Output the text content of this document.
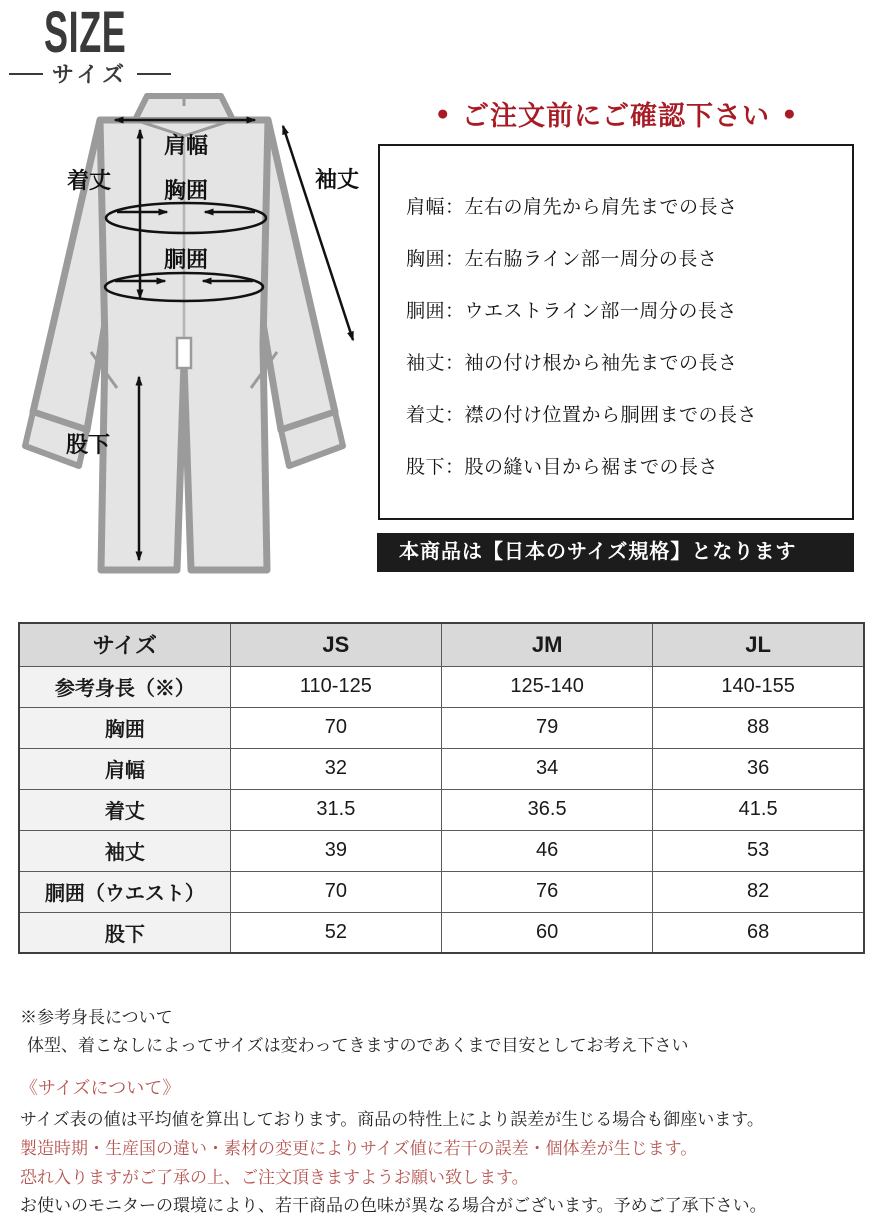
SIZE
サイズ
肩幅
着丈	袖丈
胸囲
胴囲
股下
● ご注文前にご確認下さい ●
肩幅：左右の肩先から肩先までの長さ
胸囲：左右脇ライン部一周分の長さ
胴囲：ウエストライン部一周分の長さ
袖丈：袖の付け根から袖先までの長さ
着丈：襟の付け位置から胴囲までの長さ
股下：股の縫い目から裾までの長さ
本商品は【日本のサイズ規格】となります
サイズ	JS	JM	JL
参考身長（※）	110-125	125-140	140-155
胸囲	70	79	88
肩幅	32	34	36
着丈	31.5	36.5	41.5
袖丈	39	46	53
胴囲（ウエスト）	70	76	82
股下	52	60	68
※参考身長について
体型、着こなしによってサイズは変わってきますのであくまで目安としてお考え下さい
《サイズについて》
サイズ表の値は平均値を算出しております。商品の特性上により誤差が生じる場合も御座います。
製造時期・生産国の違い・素材の変更によりサイズ値に若干の誤差・個体差が生じます。
恐れ入りますがご了承の上、ご注文頂きますようお願い致します。
お使いのモニターの環境により、若干商品の色味が異なる場合がございます。予めご了承下さい。
